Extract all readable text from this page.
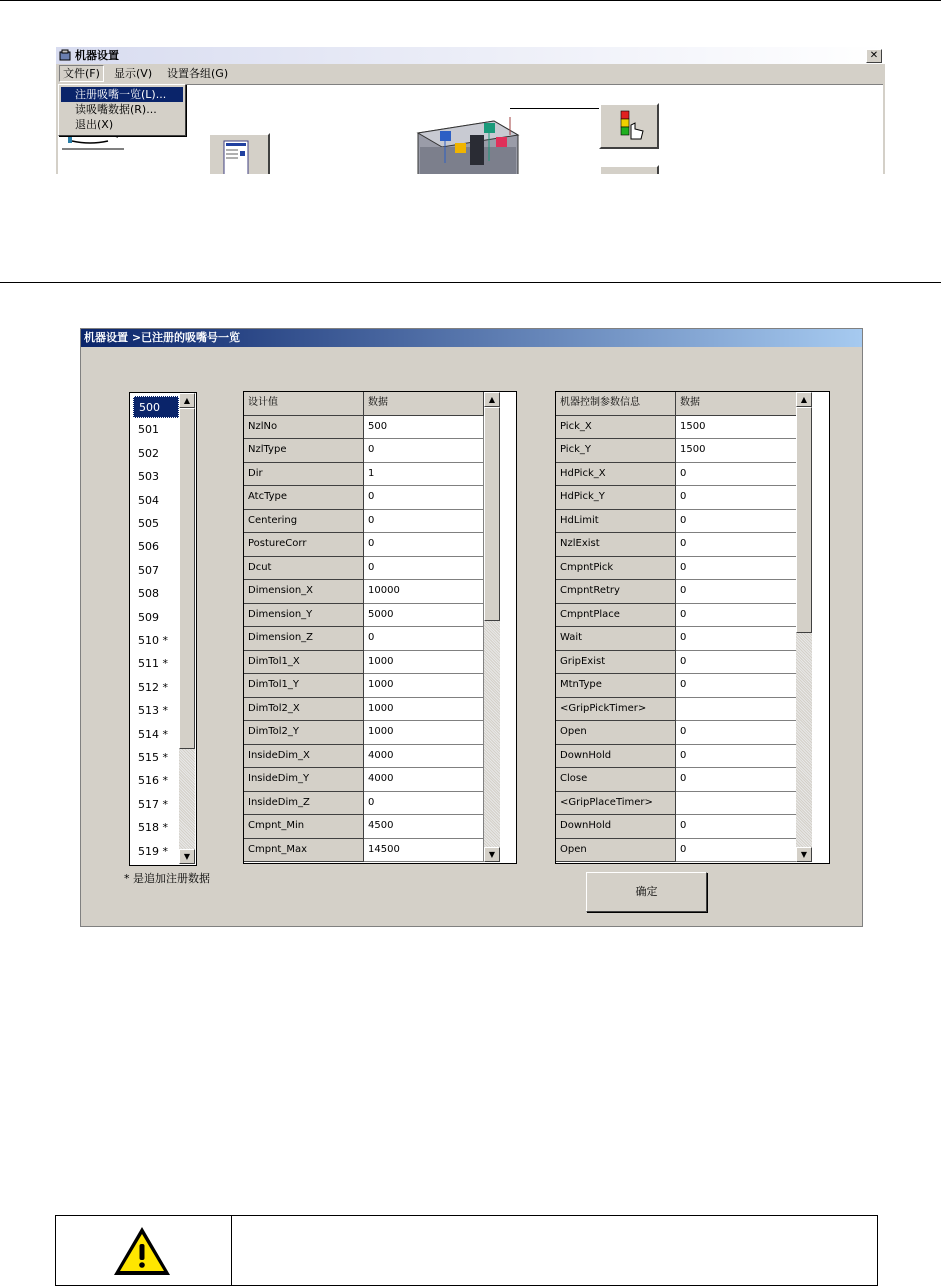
机器设置	✕
文件(F)	显示(V) 设置各组(G)
注册吸嘴一览(L)...
读吸嘴数据(R)...
退出(X)
机器设置 >已注册的吸嘴号一览
500
501
502
503
504
505
506
507
508
509
510 *
511 *
512 *
513 *
514 *
515 *
516 *
517 *
518 *
519 *
▲
▼
* 是追加注册数据
设计值	数据
NzlNo	500
NzlType	0
Dir	1
AtcType	0
Centering	0
PostureCorr	0
Dcut	0
Dimension_X	10000
Dimension_Y	5000
Dimension_Z	0
DimTol1_X	1000
DimTol1_Y	1000
DimTol2_X	1000
DimTol2_Y	1000
InsideDim_X	4000
InsideDim_Y	4000
InsideDim_Z	0
Cmpnt_Min	4500
Cmpnt_Max	14500
▲
▼
机器控制参数信息	数据
Pick_X	1500
Pick_Y	1500
HdPick_X	0
HdPick_Y	0
HdLimit	0
NzlExist	0
CmpntPick	0
CmpntRetry	0
CmpntPlace	0
Wait	0
GripExist	0
MtnType	0
<GripPickTimer>
Open	0
DownHold	0
Close	0
<GripPlaceTimer>
DownHold	0
Open	0
▲
▼
确定
